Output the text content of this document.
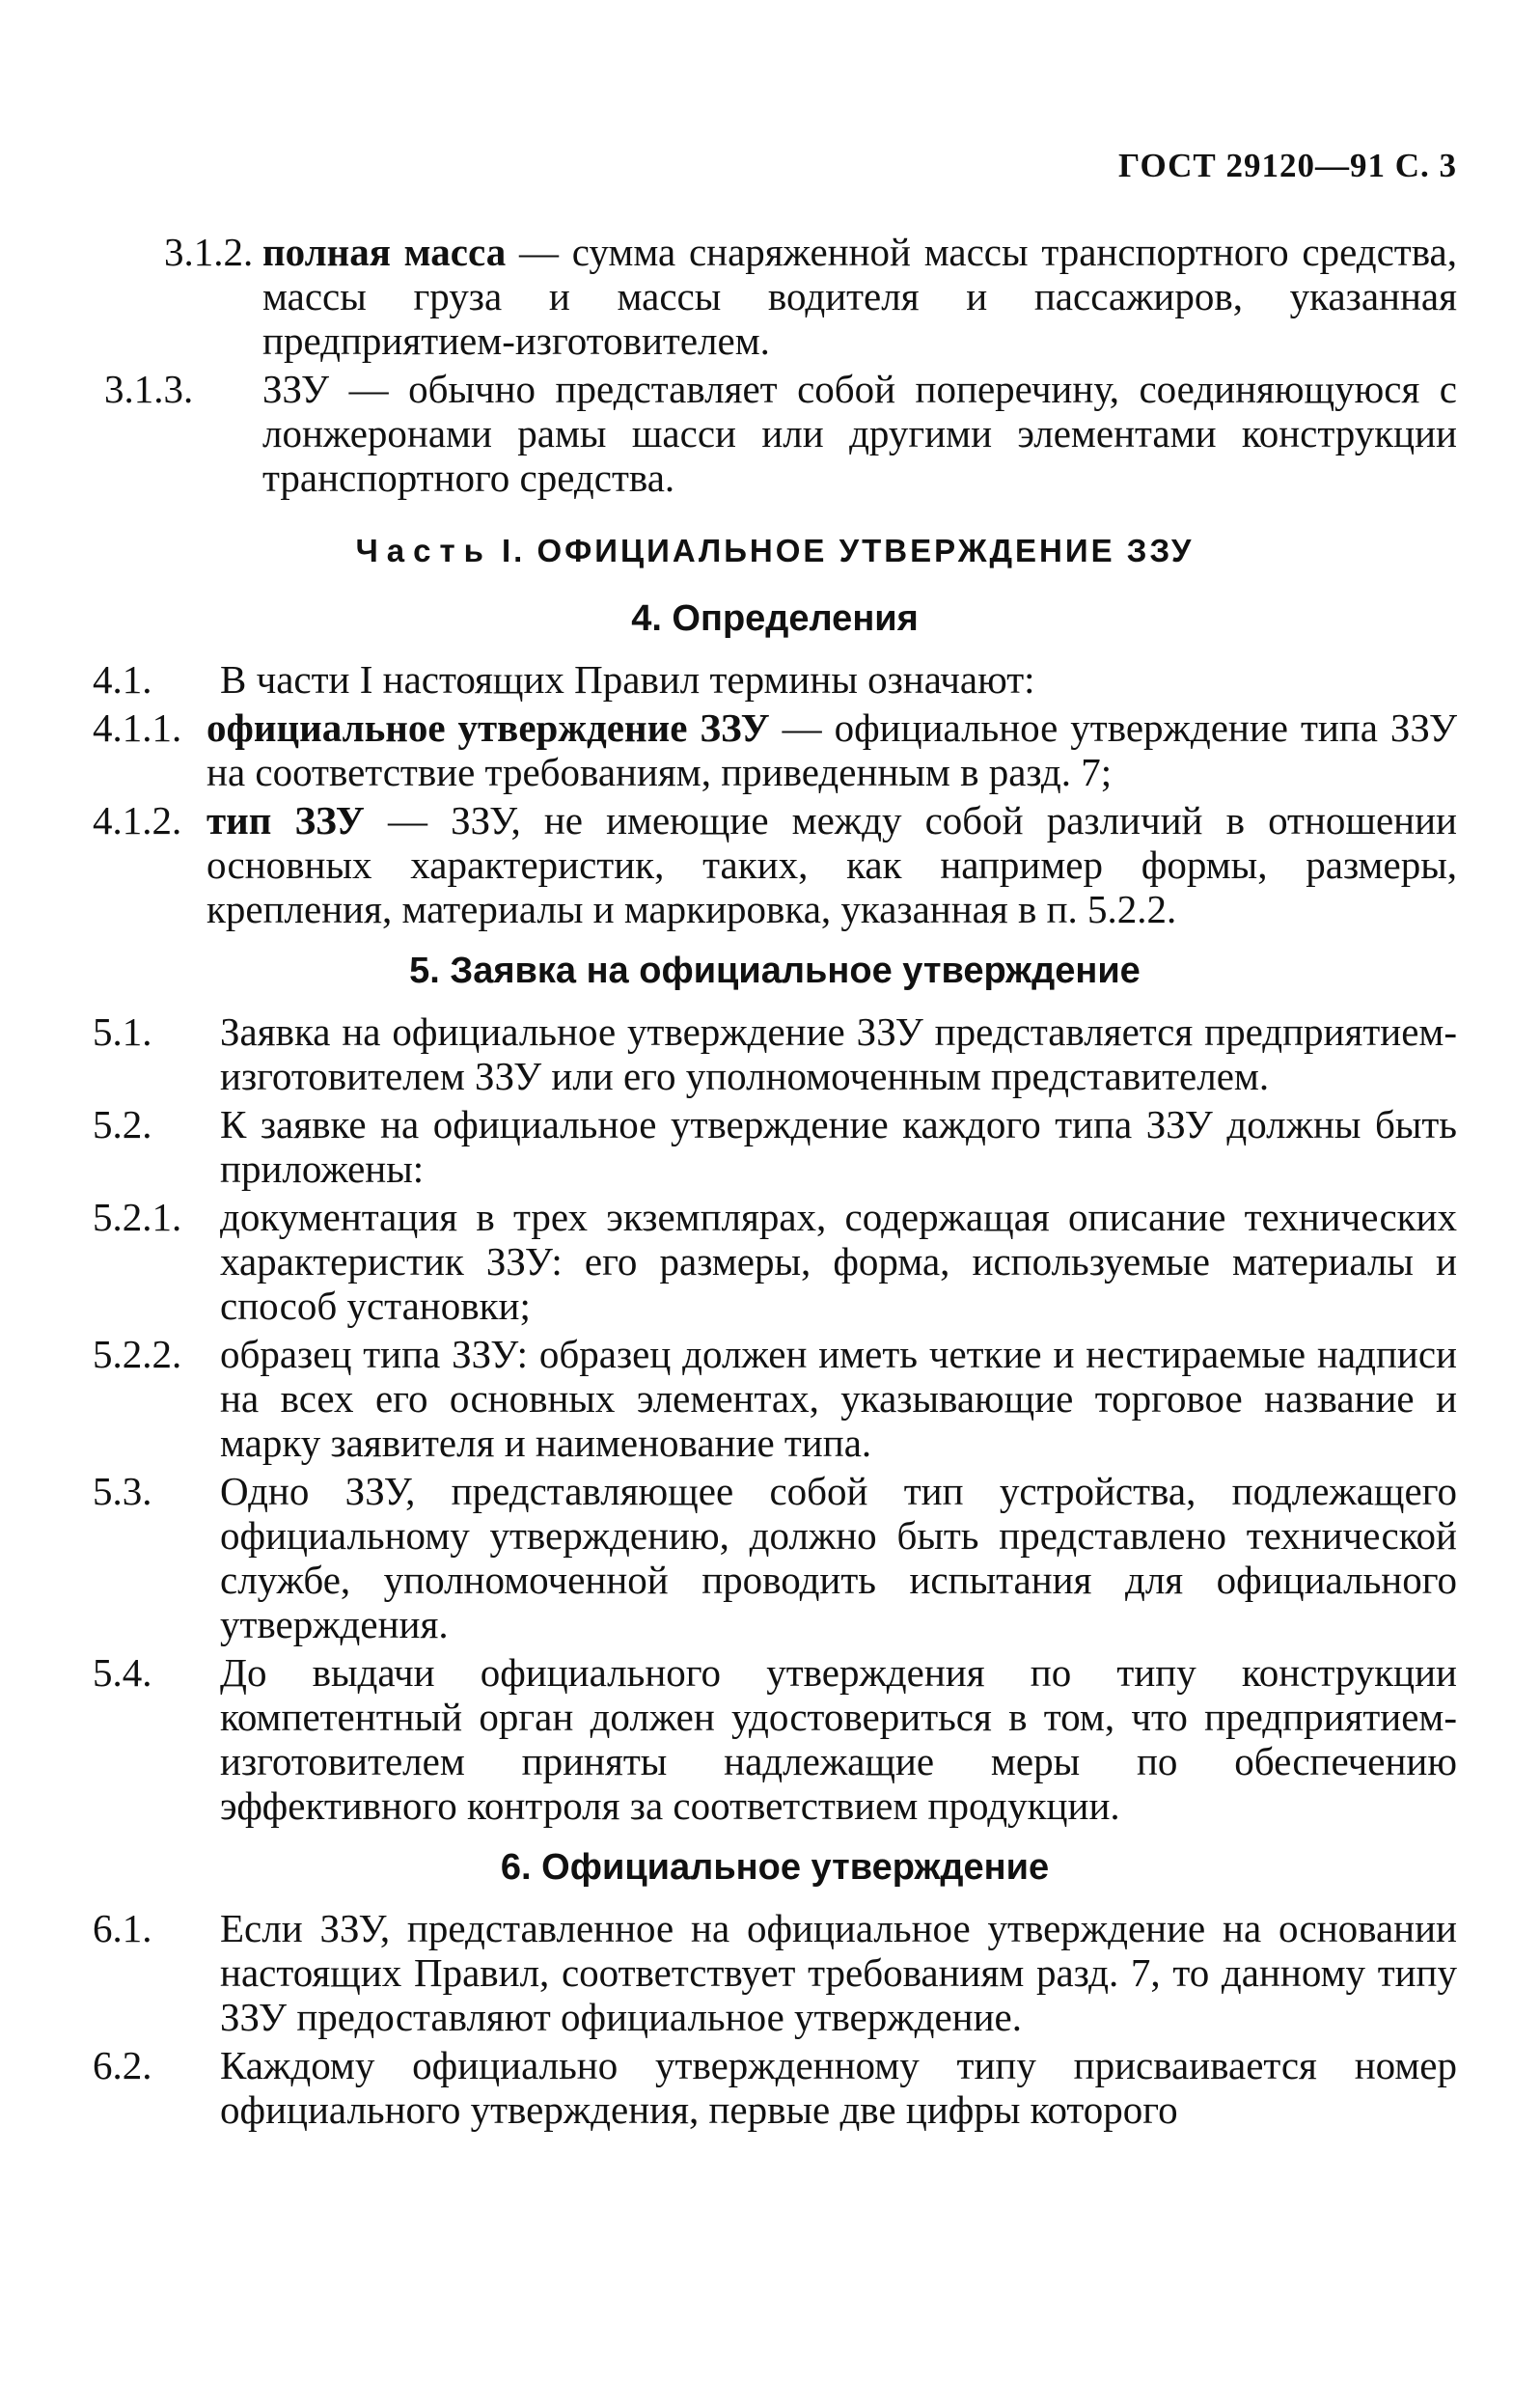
ГОСТ 29120—91 С. 3
3.1.2. полная масса — сумма снаряженной массы транспортного средства, массы груза и массы водителя и пассажиров, указанная предприятием-изготовителем.
3.1.3.	ЗЗУ — обычно представляет собой поперечину, соединяющуюся с лонжеронами рамы шасси или другими элементами конструкции транспортного средства.
Часть I. ОФИЦИАЛЬНОЕ УТВЕРЖДЕНИЕ ЗЗУ
4. Определения
4.1.	В части I настоящих Правил термины означают:
4.1.1. официальное утверждение ЗЗУ — официальное утверждение типа ЗЗУ на соответствие требованиям, приведенным в разд. 7;
4.1.2. тип ЗЗУ — ЗЗУ, не имеющие между собой различий в отношении основных характеристик, таких, как например формы, размеры, крепления, материалы и маркировка, указанная в п. 5.2.2.
5. Заявка на официальное утверждение
5.1.	Заявка на официальное утверждение ЗЗУ представляется предприятием-изготовителем ЗЗУ или его уполномоченным представителем.
5.2.	К заявке на официальное утверждение каждого типа ЗЗУ должны быть приложены:
5.2.1. документация в трех экземплярах, содержащая описание технических характеристик ЗЗУ: его размеры, форма, используемые материалы и способ установки;
5.2.2. образец типа ЗЗУ: образец должен иметь четкие и нестираемые надписи на всех его основных элементах, указывающие торговое название и марку заявителя и наименование типа.
5.3.	Одно ЗЗУ, представляющее собой тип устройства, подлежащего официальному утверждению, должно быть представлено технической службе, уполномоченной проводить испытания для официального утверждения.
5.4.	До выдачи официального утверждения по типу конструкции компетентный орган должен удостовериться в том, что предприятием-изготовителем приняты надлежащие меры по обеспечению эффективного контроля за соответствием продукции.
6. Официальное утверждение
6.1.	Если ЗЗУ, представленное на официальное утверждение на основании настоящих Правил, соответствует требованиям разд. 7, то данному типу ЗЗУ предоставляют официальное утверждение.
6.2.	Каждому официально утвержденному типу присваивается номер официального утверждения, первые две цифры которого
